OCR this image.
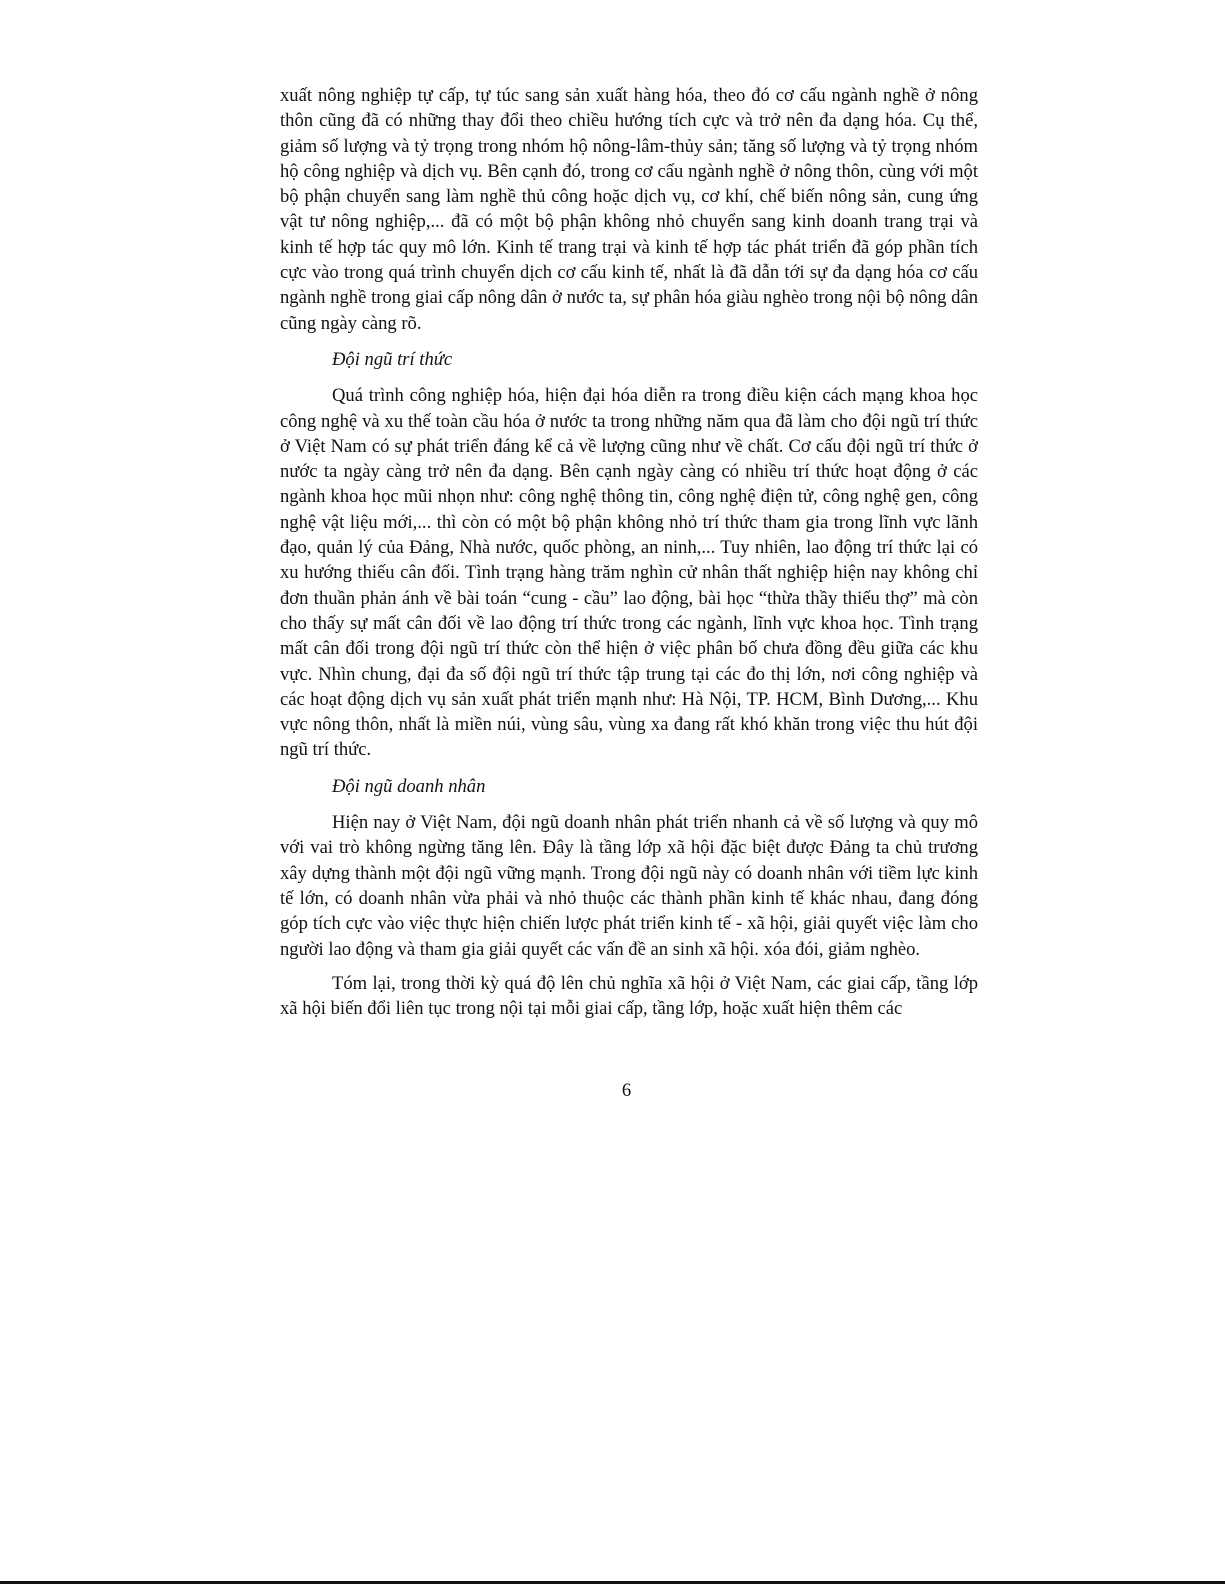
xuất nông nghiệp tự cấp, tự túc sang sản xuất hàng hóa, theo đó cơ cấu ngành nghề ở nông thôn cũng đã có những thay đổi theo chiều hướng tích cực và trở nên đa dạng hóa. Cụ thể, giảm số lượng và tỷ trọng trong nhóm hộ nông-lâm-thủy sản; tăng số lượng và tỷ trọng nhóm hộ công nghiệp và dịch vụ. Bên cạnh đó, trong cơ cấu ngành nghề ở nông thôn, cùng với một bộ phận chuyển sang làm nghề thủ công hoặc dịch vụ, cơ khí, chế biến nông sản, cung ứng vật tư nông nghiệp,... đã có một bộ phận không nhỏ chuyển sang kinh doanh trang trại và kinh tế hợp tác quy mô lớn. Kinh tế trang trại và kinh tế hợp tác phát triển đã góp phần tích cực vào trong quá trình chuyển dịch cơ cấu kinh tế, nhất là đã dẫn tới sự đa dạng hóa cơ cấu ngành nghề trong giai cấp nông dân ở nước ta, sự phân hóa giàu nghèo trong nội bộ nông dân cũng ngày càng rõ.

Đội ngũ trí thức

Quá trình công nghiệp hóa, hiện đại hóa diễn ra trong điều kiện cách mạng khoa học công nghệ và xu thế toàn cầu hóa ở nước ta trong những năm qua đã làm cho đội ngũ trí thức ở Việt Nam có sự phát triển đáng kể cả về lượng cũng như về chất. Cơ cấu đội ngũ trí thức ở nước ta ngày càng trở nên đa dạng. Bên cạnh ngày càng có nhiều trí thức hoạt động ở các ngành khoa học mũi nhọn như: công nghệ thông tin, công nghệ điện tử, công nghệ gen, công nghệ vật liệu mới,... thì còn có một bộ phận không nhỏ trí thức tham gia trong lĩnh vực lãnh đạo, quản lý của Đảng, Nhà nước, quốc phòng, an ninh,... Tuy nhiên, lao động trí thức lại có xu hướng thiếu cân đối. Tình trạng hàng trăm nghìn cử nhân thất nghiệp hiện nay không chỉ đơn thuần phản ánh về bài toán “cung - cầu” lao động, bài học “thừa thầy thiếu thợ” mà còn cho thấy sự mất cân đối về lao động trí thức trong các ngành, lĩnh vực khoa học. Tình trạng mất cân đối trong đội ngũ trí thức còn thể hiện ở việc phân bố chưa đồng đều giữa các khu vực. Nhìn chung, đại đa số đội ngũ trí thức tập trung tại các đo thị lớn, nơi công nghiệp và các hoạt động dịch vụ sản xuất phát triển mạnh như: Hà Nội, TP. HCM, Bình Dương,... Khu vực nông thôn, nhất là miền núi, vùng sâu, vùng xa đang rất khó khăn trong việc thu hút đội ngũ trí thức.

Đội ngũ doanh nhân

Hiện nay ở Việt Nam, đội ngũ doanh nhân phát triển nhanh cả về số lượng và quy mô với vai trò không ngừng tăng lên. Đây là tầng lớp xã hội đặc biệt được Đảng ta chủ trương xây dựng thành một đội ngũ vững mạnh. Trong đội ngũ này có doanh nhân với tiềm lực kinh tế lớn, có doanh nhân vừa phải và nhỏ thuộc các thành phần kinh tế khác nhau, đang đóng góp tích cực vào việc thực hiện chiến lược phát triển kinh tế - xã hội, giải quyết việc làm cho người lao động và tham gia giải quyết các vấn đề an sinh xã hội. xóa đói, giảm nghèo.

Tóm lại, trong thời kỳ quá độ lên chủ nghĩa xã hội ở Việt Nam, các giai cấp, tầng lớp xã hội biến đổi liên tục trong nội tại mỗi giai cấp, tầng lớp, hoặc xuất hiện thêm các

6
